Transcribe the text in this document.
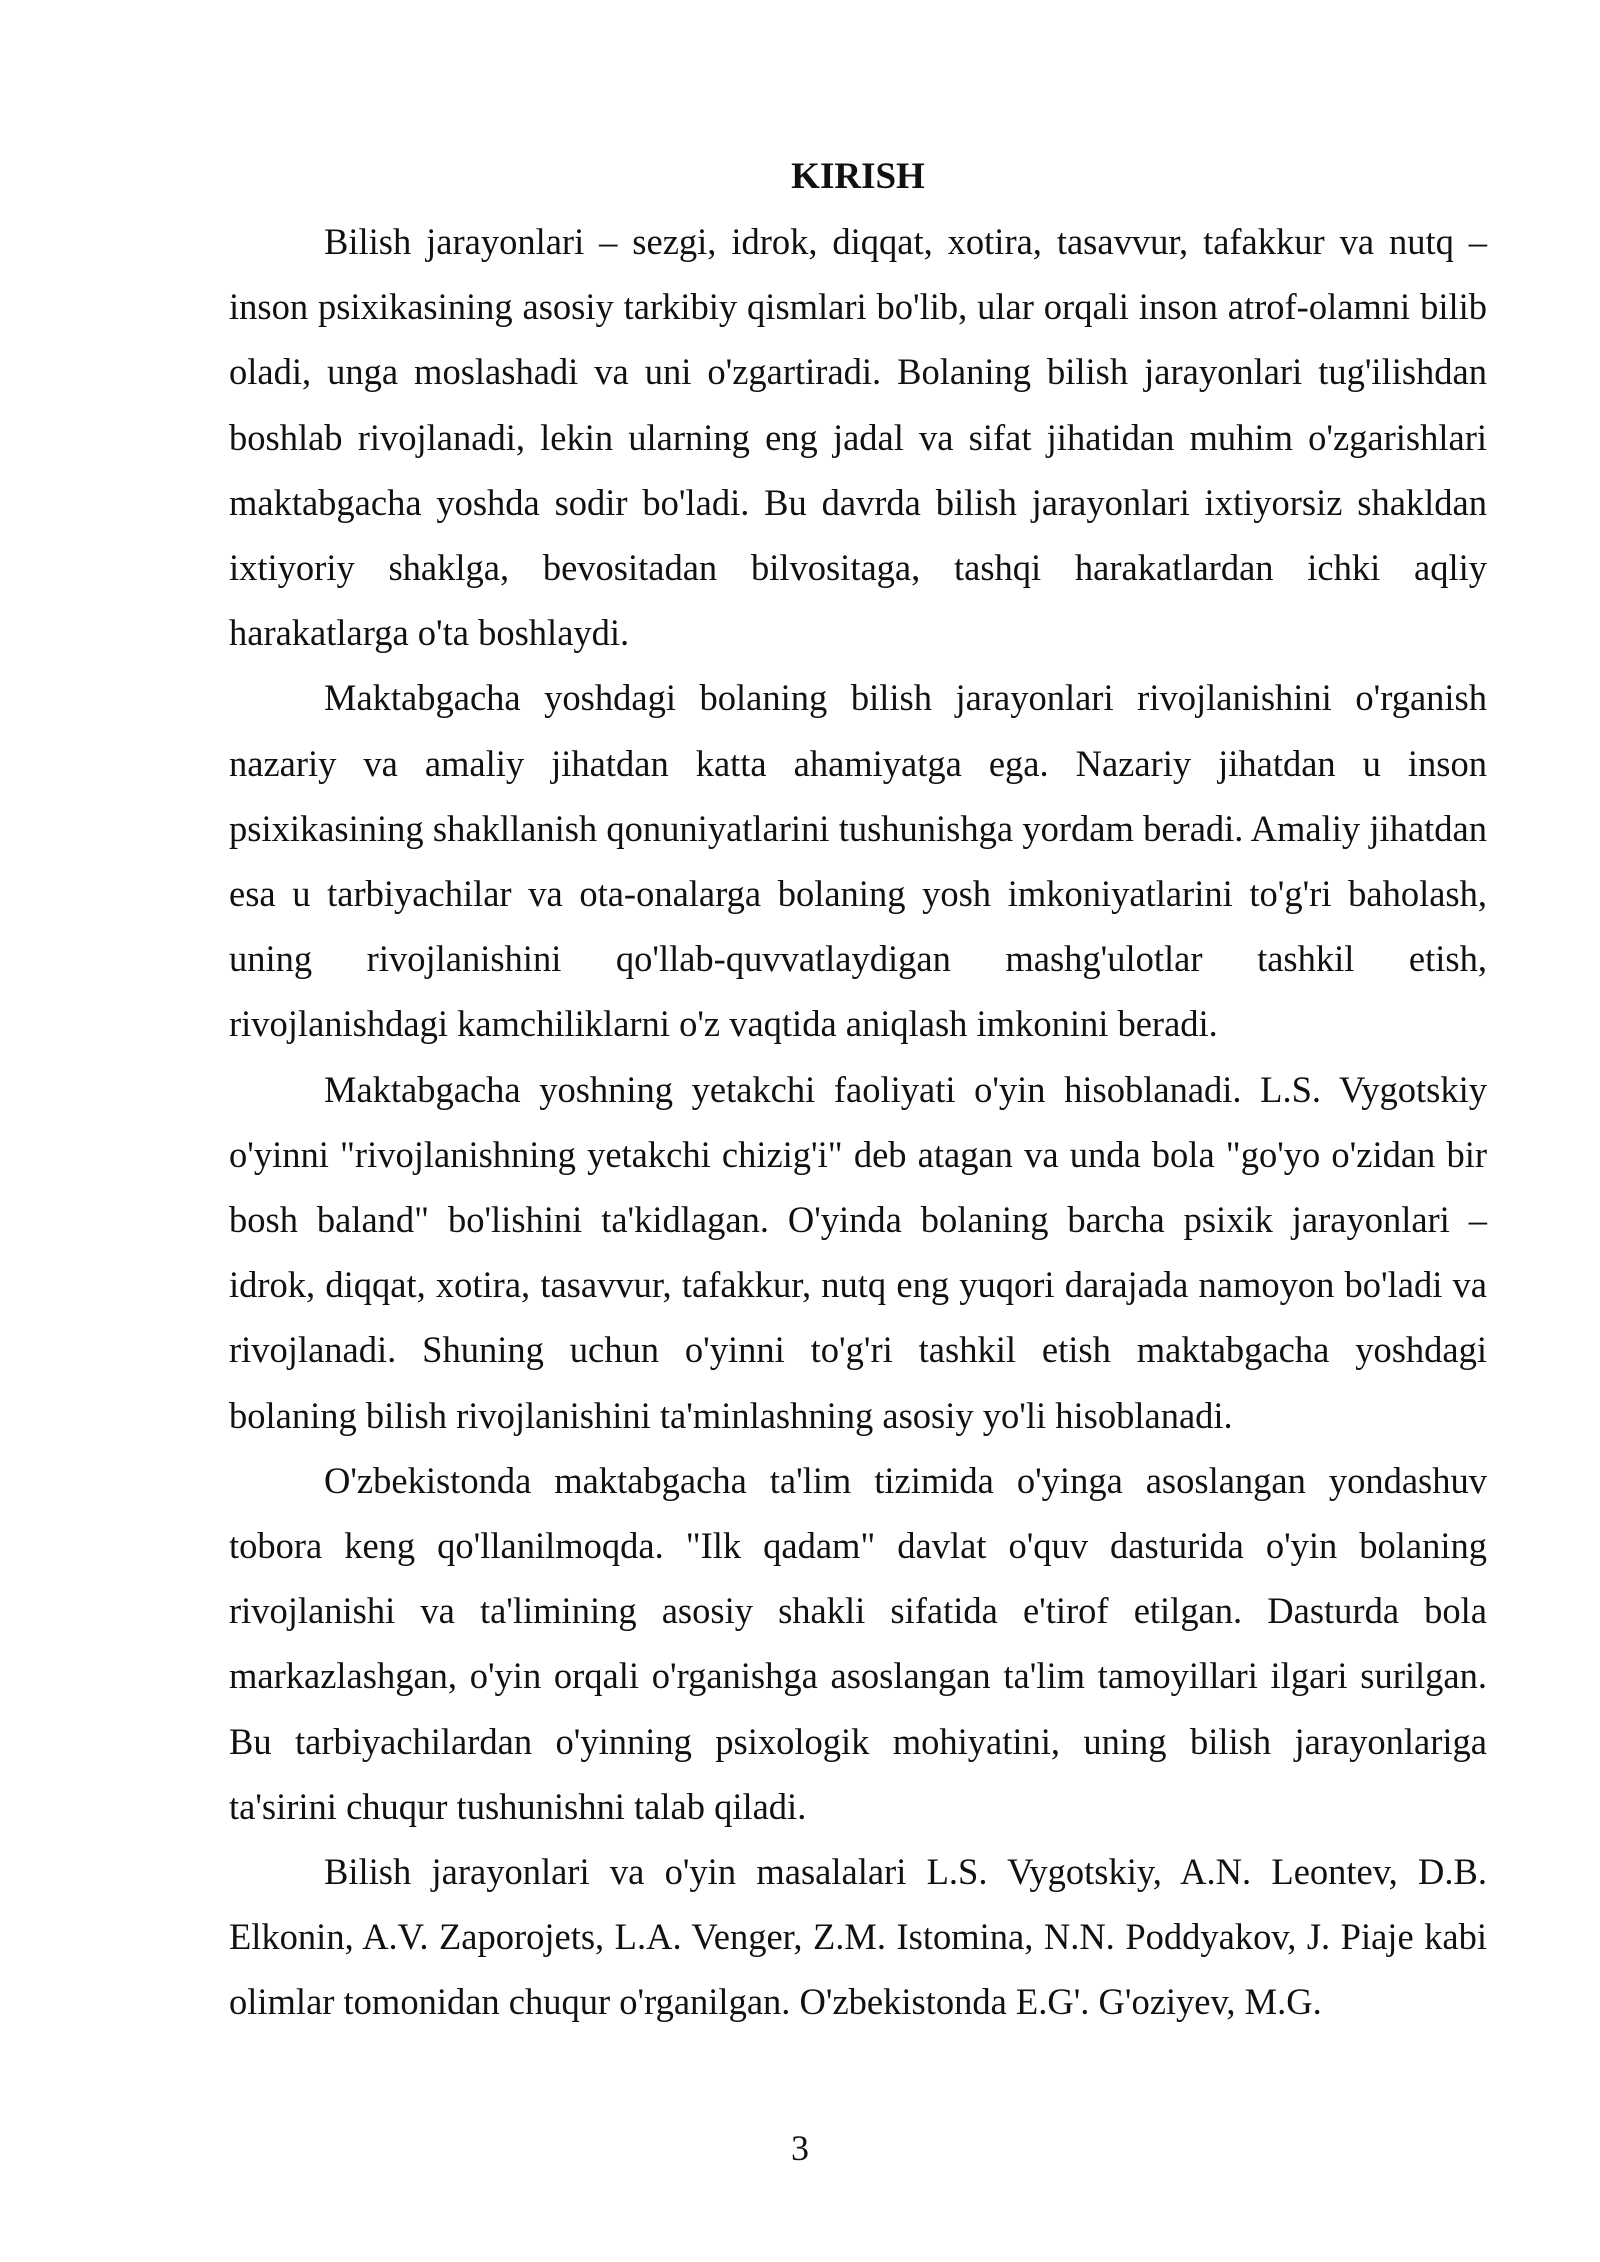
KIRISH

Bilish jarayonlari – sezgi, idrok, diqqat, xotira, tasavvur, tafakkur va nutq – inson psixikasining asosiy tarkibiy qismlari bo'lib, ular orqali inson atrof-olamni bilib oladi, unga moslashadi va uni o'zgartiradi. Bolaning bilish jarayonlari tug'ilishdan boshlab rivojlanadi, lekin ularning eng jadal va sifat jihatidan muhim o'zgarishlari maktabgacha yoshda sodir bo'ladi. Bu davrda bilish jarayonlari ixtiyorsiz shakldan ixtiyoriy shaklga, bevositadan bilvositaga, tashqi harakatlardan ichki aqliy harakatlarga o'ta boshlaydi.

Maktabgacha yoshdagi bolaning bilish jarayonlari rivojlanishini o'rganish nazariy va amaliy jihatdan katta ahamiyatga ega. Nazariy jihatdan u inson psixikasining shakllanish qonuniyatlarini tushunishga yordam beradi. Amaliy jihatdan esa u tarbiyachilar va ota-onalarga bolaning yosh imkoniyatlarini to'g'ri baholash, uning rivojlanishini qo'llab-quvvatlaydigan mashg'ulotlar tashkil etish, rivojlanishdagi kamchiliklarni o'z vaqtida aniqlash imkonini beradi.

Maktabgacha yoshning yetakchi faoliyati o'yin hisoblanadi. L.S. Vygotskiy o'yinni "rivojlanishning yetakchi chizig'i" deb atagan va unda bola "go'yo o'zidan bir bosh baland" bo'lishini ta'kidlagan. O'yinda bolaning barcha psixik jarayonlari – idrok, diqqat, xotira, tasavvur, tafakkur, nutq eng yuqori darajada namoyon bo'ladi va rivojlanadi. Shuning uchun o'yinni to'g'ri tashkil etish maktabgacha yoshdagi bolaning bilish rivojlanishini ta'minlashning asosiy yo'li hisoblanadi.

O'zbekistonda maktabgacha ta'lim tizimida o'yinga asoslangan yondashuv tobora keng qo'llanilmoqda. "Ilk qadam" davlat o'quv dasturida o'yin bolaning rivojlanishi va ta'limining asosiy shakli sifatida e'tirof etilgan. Dasturda bola markazlashgan, o'yin orqali o'rganishga asoslangan ta'lim tamoyillari ilgari surilgan. Bu tarbiyachilardan o'yinning psixologik mohiyatini, uning bilish jarayonlariga ta'sirini chuqur tushunishni talab qiladi.

Bilish jarayonlari va o'yin masalalari L.S. Vygotskiy, A.N. Leontev, D.B. Elkonin, A.V. Zaporojets, L.A. Venger, Z.M. Istomina, N.N. Poddyakov, J. Piaje kabi olimlar tomonidan chuqur o'rganilgan. O'zbekistonda E.G'. G'oziyev, M.G.

3
